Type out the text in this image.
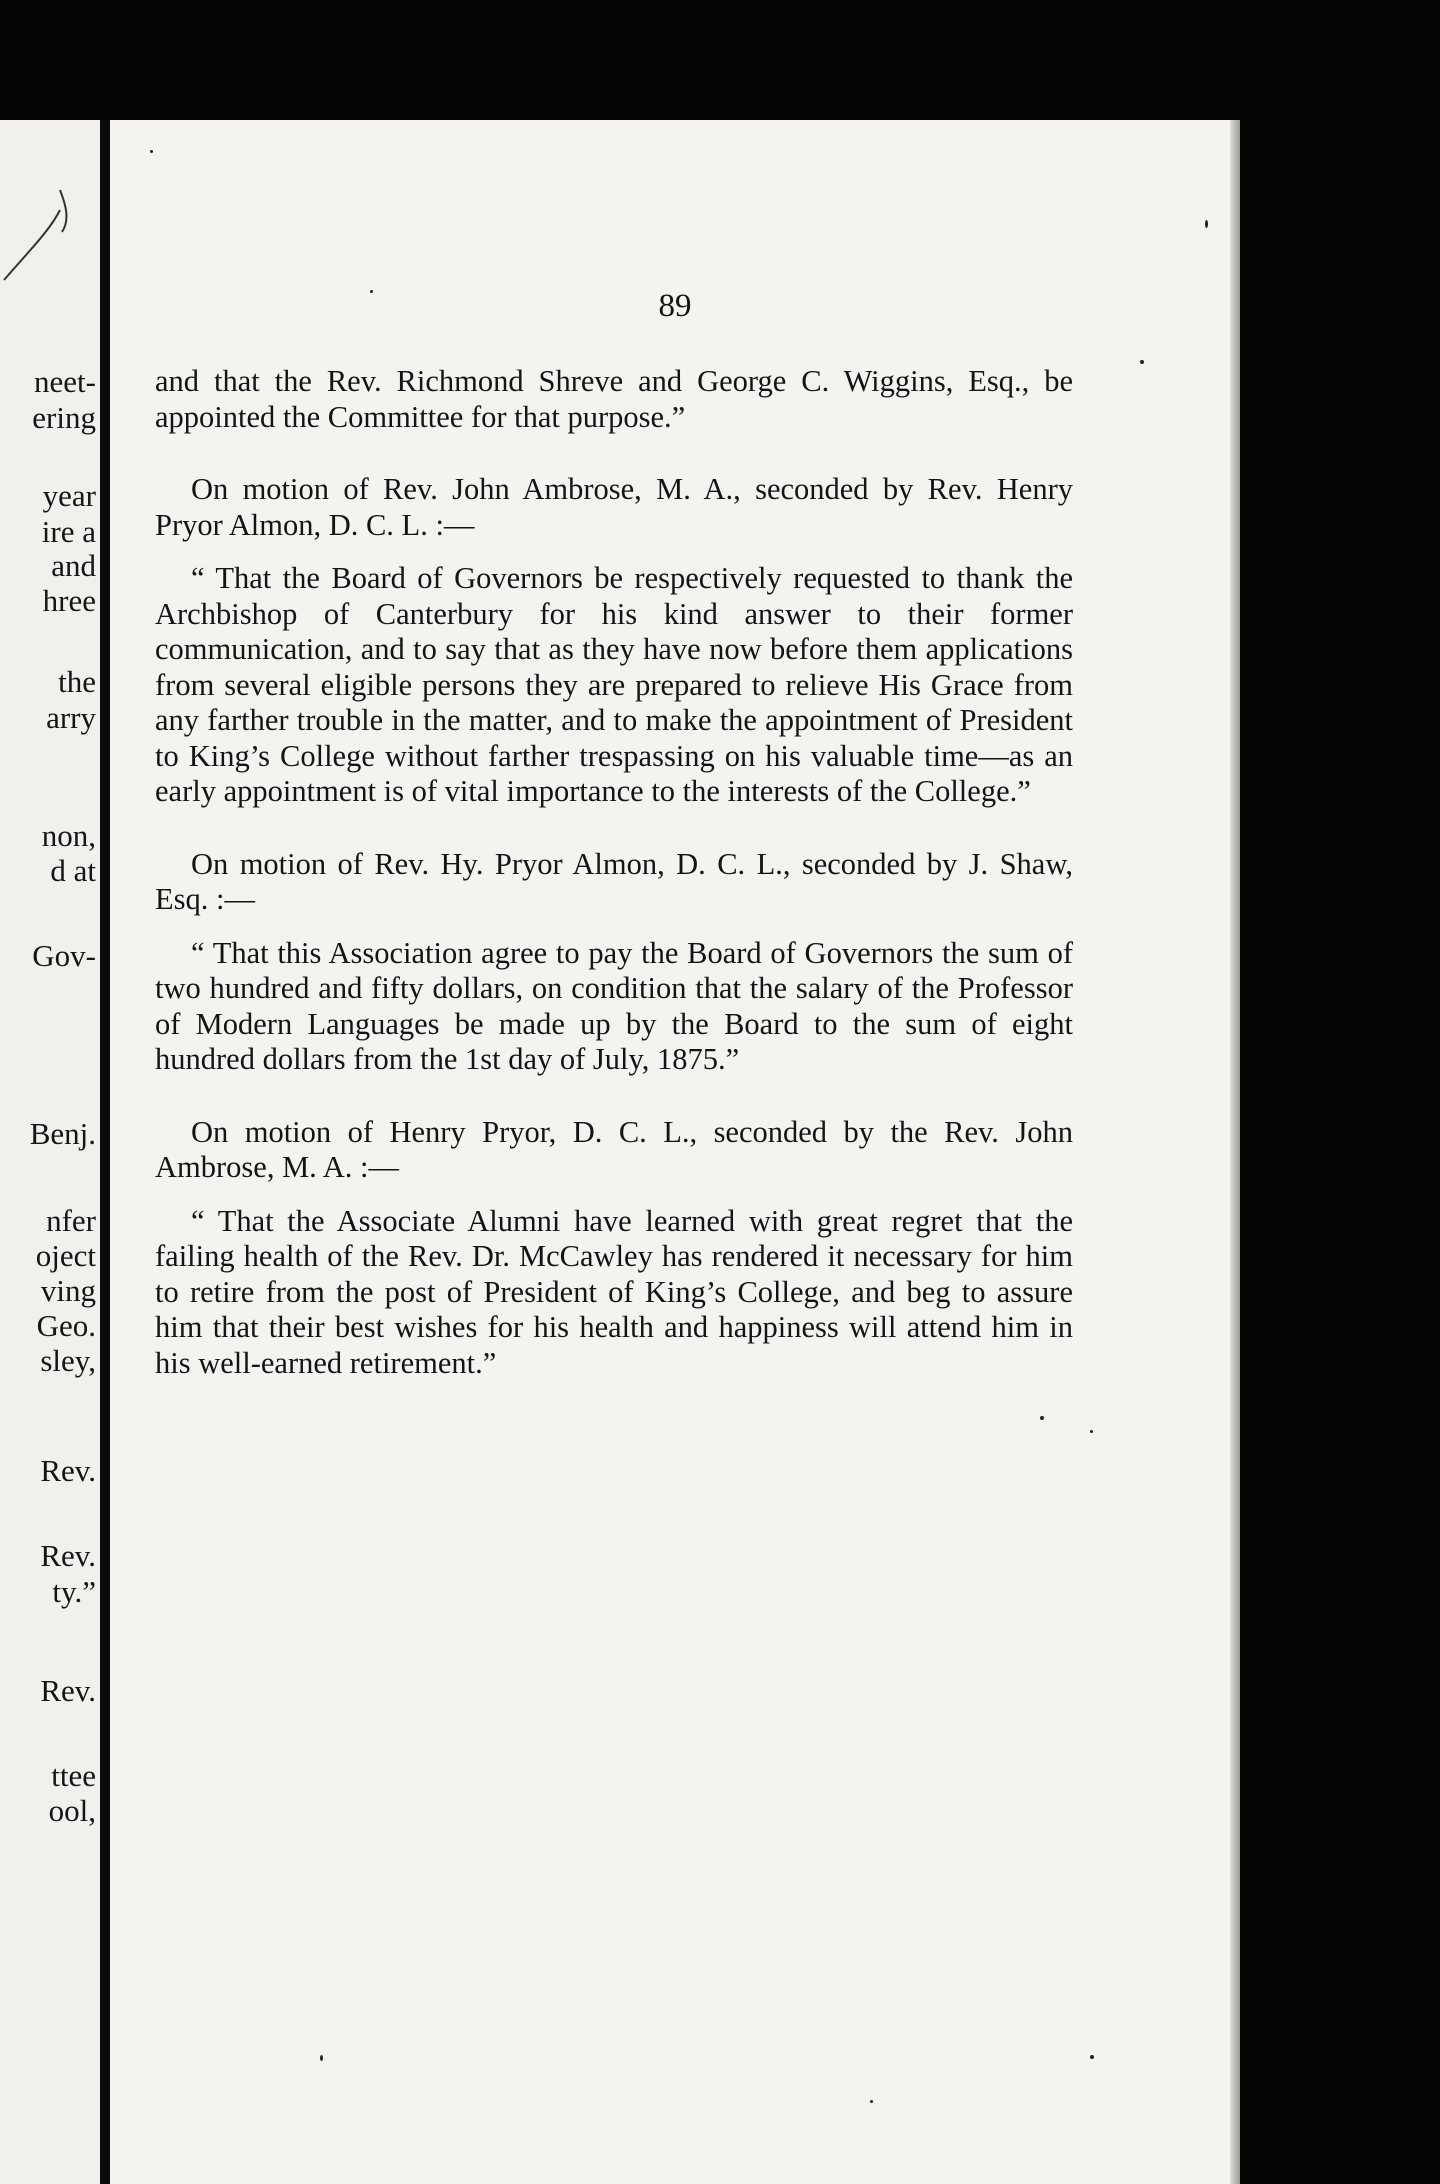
neet-
ering
year
ire a
and
hree
the
arry
non,
d at
Gov-
Benj.
nfer
oject
ving
Geo.
sley,
Rev.
Rev.
ty.”
Rev.
ttee
ool,
89

and that the Rev. Richmond Shreve and George C. Wiggins, Esq., be appointed the Committee for that purpose.”

On motion of Rev. John Ambrose, M. A., seconded by Rev. Henry Pryor Almon, D. C. L. :—

“ That the Board of Governors be respectively requested to thank the Archbishop of Canterbury for his kind answer to their former communication, and to say that as they have now before them applications from several eligible persons they are prepared to relieve His Grace from any farther trouble in the matter, and to make the appointment of President to King’s College without farther trespassing on his valuable time—as an early appointment is of vital importance to the interests of the College.”

On motion of Rev. Hy. Pryor Almon, D. C. L., seconded by J. Shaw, Esq. :—

“ That this Association agree to pay the Board of Governors the sum of two hundred and fifty dollars, on condition that the salary of the Professor of Modern Languages be made up by the Board to the sum of eight hundred dollars from the 1st day of July, 1875.”

On motion of Henry Pryor, D. C. L., seconded by the Rev. John Ambrose, M. A. :—

“ That the Associate Alumni have learned with great regret that the failing health of the Rev. Dr. McCawley has rendered it necessary for him to retire from the post of President of King’s College, and beg to assure him that their best wishes for his health and happiness will attend him in his well-earned retirement.”
